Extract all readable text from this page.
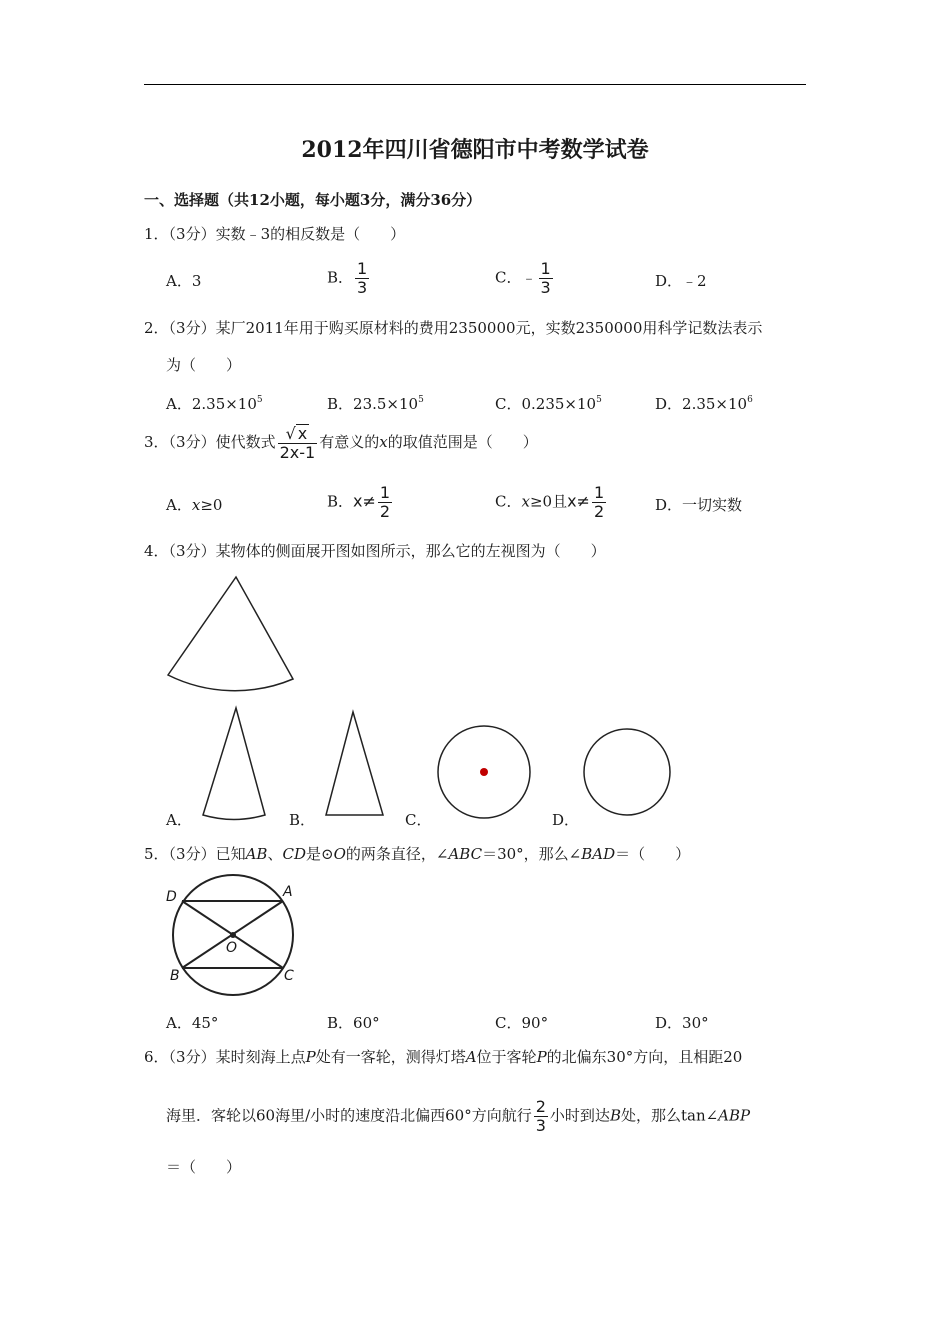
2012年四川省德阳市中考数学试卷
一、选择题（共12小题，每小题3分，满分36分）
1．（3分）实数﹣3的相反数是（　　）
A．3	B． $\frac{1}{3}$	C．﹣ $\frac{1}{3}$	D．﹣2
2．（3分）某厂2011年用于购买原材料的费用2350000元，实数2350000用科学记数法表示
为（　　）
A．$2.35\times 10^5$	B．$23.5\times 10^5$	C．$0.235\times 10^5$	D．$2.35\times 10^6$
3．（3分）使代数式 $\frac{√ x}{2x-1}$ 有意义的x的取值范围是（　　）
A．x≥0	B．$x\ne \frac{1}{2}$	C．x≥0且$x\ne \frac{1}{2}$	D．一切实数
4．（3分）某物体的侧面展开图如图所示，那么它的左视图为（　　）
A．	B．	C．	D．
5．（3分）已知AB、CD是⊙O的两条直径，∠ABC＝30°，那么∠BAD＝（　　）
D	A
O
B	C
A．45°	B．60°	C．90°	D．30°
6．（3分）某时刻海上点P处有一客轮，测得灯塔A位于客轮P的北偏东30°方向，且相距20
海里．客轮以60海里/小时的速度沿北偏西60°方向航行 $\frac{2}{3}$ 小时到达B处，那么tan∠ABP
＝（　　）
